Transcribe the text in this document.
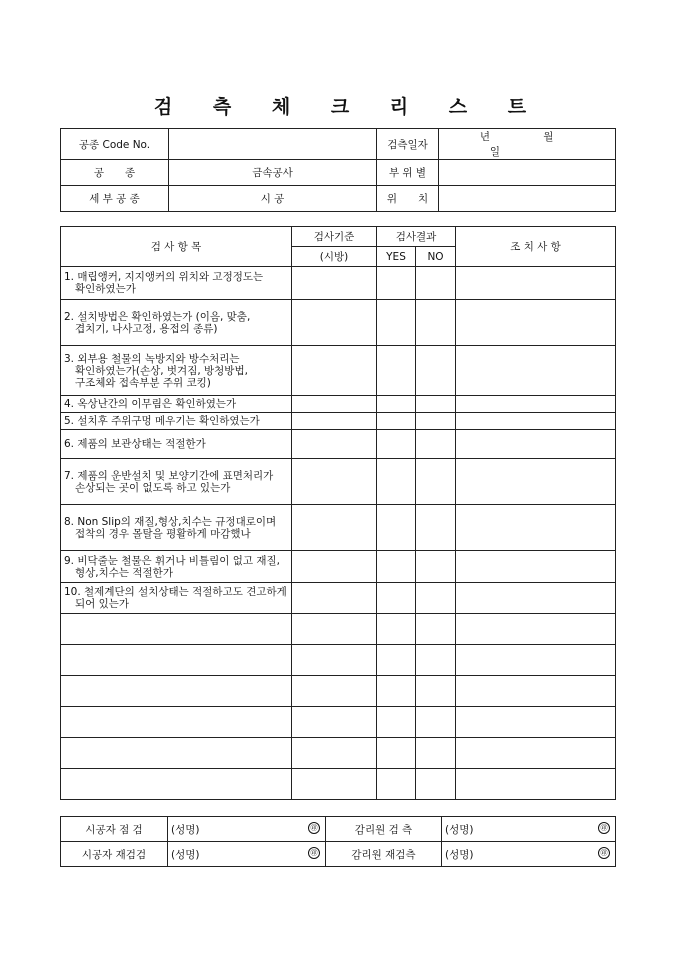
검 측 체 크 리 스 트
공종 Code No.		검측일자	년 월 일
공　　종	금속공사	부 위 별	
세 부 공 종	시 공	위　　치	
검 사 항 목	검사기준	검사결과		조 치 사 항
	(시방)	YES	NO	

1. 매립앵커, 지지앵커의 위치와 고정정도는 확인하였는가				

2. 설치방법은 확인하였는가 (이음, 맞춤, 겹치기, 나사고정, 용접의 종류)				

3. 외부용 철물의 녹방지와 방수처리는 확인하였는가(손상, 벗겨짐, 방청방법, 구조체와 접속부분 주위 코킹)				

4. 옥상난간의 이무림은 확인하였는가				

5. 설치후 주위구멍 메우기는 확인하였는가				

6. 제품의 보관상태는 적절한가				

7. 제품의 운반설치 및 보양기간에 표면처리가 손상되는 곳이 없도록 하고 있는가				

8. Non Slip의 재질,형상,치수는 규정대로이며 접착의 경우 몰탈을 평활하게 마감했나				

9. 비닥줄눈 철물은 휘거나 비틀림이 없고 재질,형상,치수는 적절한가				

10. 철제계단의 설치상태는 적절하고도 견고하게 되어 있는가				

시공자 점 검	(성명) ㊞	감리원 검 측	(성명) ㊞

시공자 재검검	(성명) ㊞	감리원 재검측	(성명) ㊞
